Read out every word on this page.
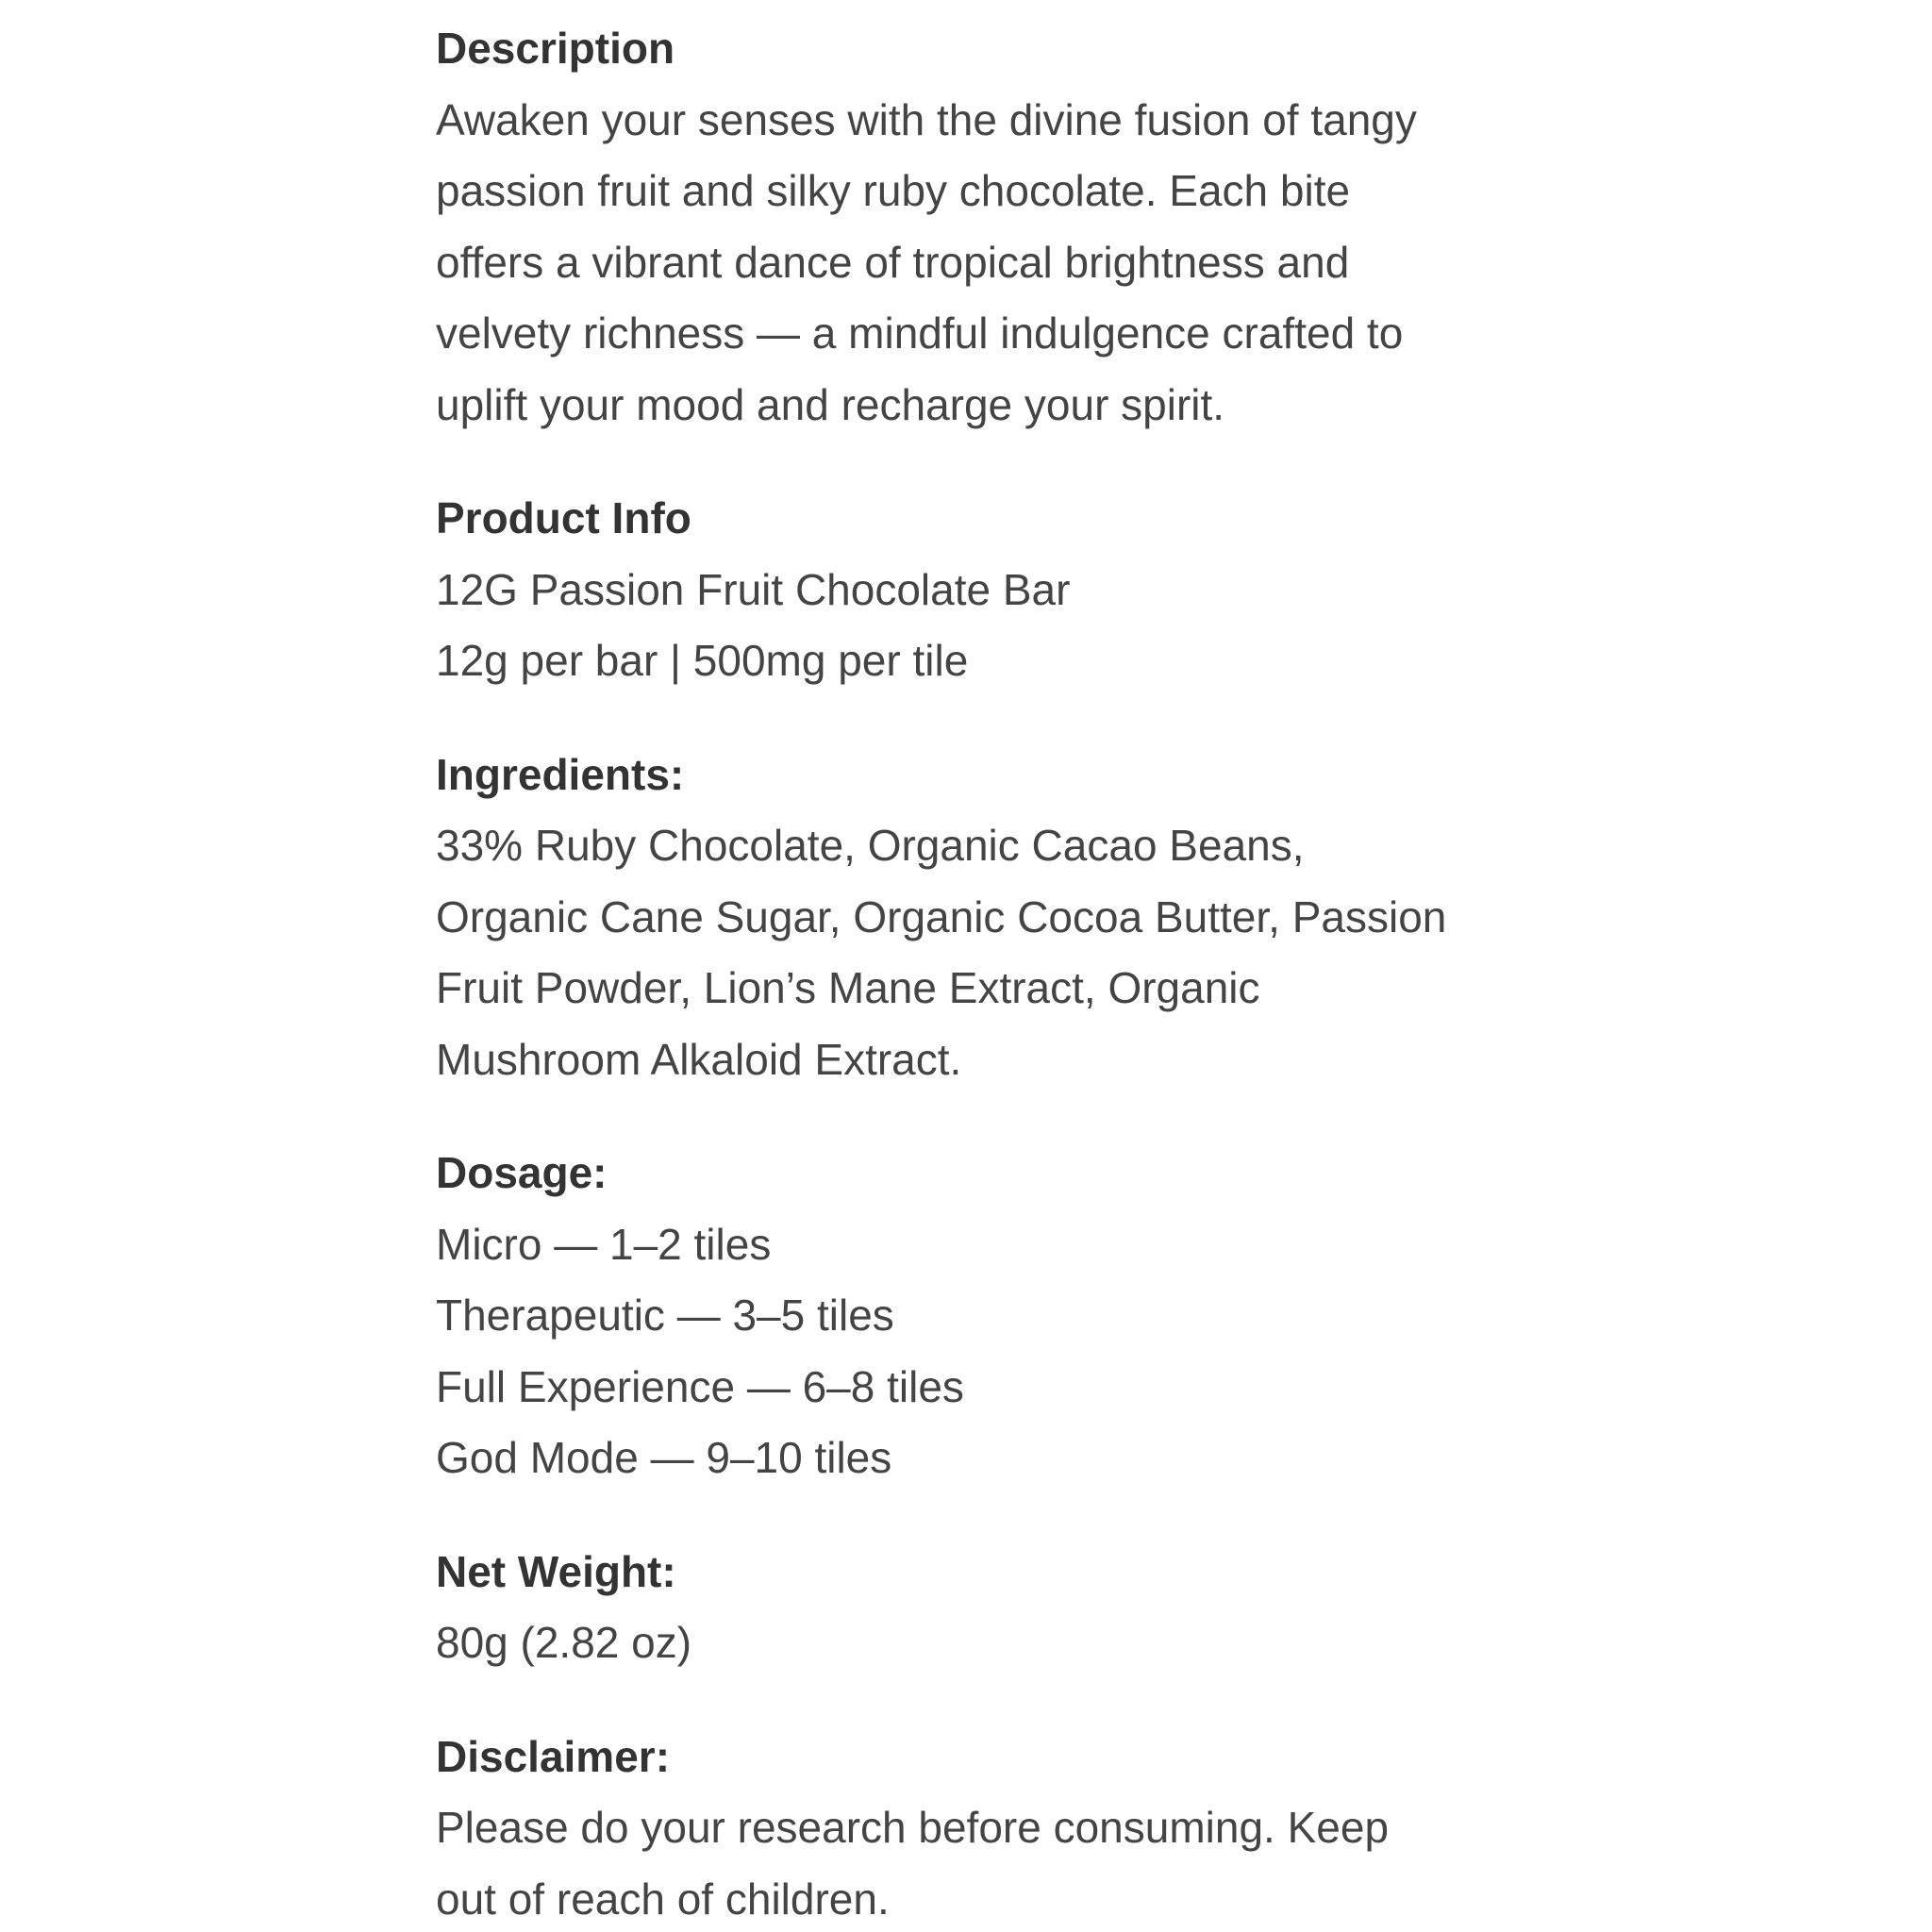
Description
Awaken your senses with the divine fusion of tangy
passion fruit and silky ruby chocolate. Each bite
offers a vibrant dance of tropical brightness and
velvety richness — a mindful indulgence crafted to
uplift your mood and recharge your spirit.
Product Info
12G Passion Fruit Chocolate Bar
12g per bar | 500mg per tile
Ingredients:
33% Ruby Chocolate, Organic Cacao Beans,
Organic Cane Sugar, Organic Cocoa Butter, Passion
Fruit Powder, Lion’s Mane Extract, Organic
Mushroom Alkaloid Extract.
Dosage:
Micro — 1–2 tiles
Therapeutic — 3–5 tiles
Full Experience — 6–8 tiles
God Mode — 9–10 tiles
Net Weight:
80g (2.82 oz)
Disclaimer:
Please do your research before consuming. Keep
out of reach of children.
